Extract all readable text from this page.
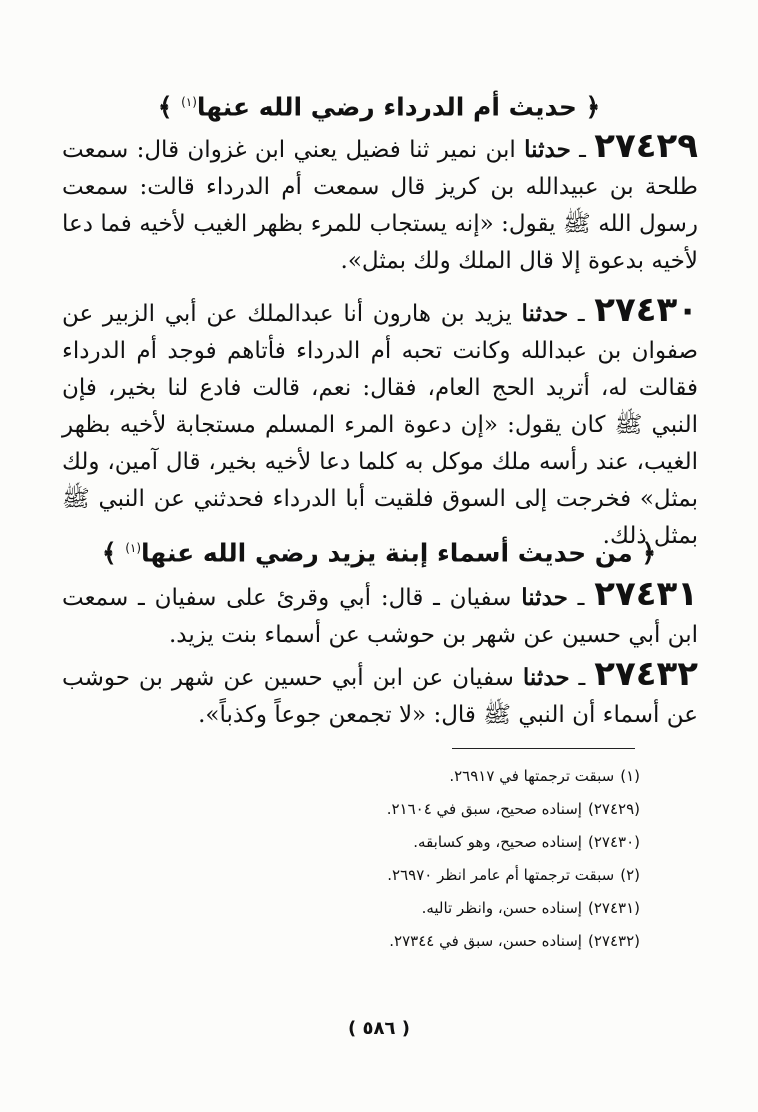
﴿ حديث أم الدرداء رضي الله عنها$^{(١)}$ ﴾

٢٧٤٢٩ ـ حدثنا ابن نمير ثنا فضيل يعني ابن غزوان قال: سمعت طلحة بن عبيدالله بن كريز قال سمعت أم الدرداء قالت: سمعت رسول الله ﷺ يقول: «إنه يستجاب للمرء بظهر الغيب لأخيه فما دعا لأخيه بدعوة إلا قال الملك ولك بمثل».

٢٧٤٣٠ ـ حدثنا يزيد بن هارون أنا عبدالملك عن أبي الزبير عن صفوان بن عبدالله وكانت تحبه أم الدرداء فأتاهم فوجد أم الدرداء فقالت له، أتريد الحج العام، فقال: نعم، قالت فادع لنا بخير، فإن النبي ﷺ كان يقول: «إن دعوة المرء المسلم مستجابة لأخيه بظهر الغيب، عند رأسه ملك موكل به كلما دعا لأخيه بخير، قال آمين، ولك بمثل» فخرجت إلى السوق فلقيت أبا الدرداء فحدثني عن النبي ﷺ بمثل ذلك.

﴿ من حديث أسماء إبنة يزيد رضي الله عنها$^{(١)}$ ﴾

٢٧٤٣١ ـ حدثنا سفيان ـ قال: أبي وقرئ على سفيان ـ سمعت ابن أبي حسين عن شهر بن حوشب عن أسماء بنت يزيد.

٢٧٤٣٢ ـ حدثنا سفيان عن ابن أبي حسين عن شهر بن حوشب عن أسماء أن النبي ﷺ قال: «لا تجمعن جوعاً وكذباً».

(١)سبقت ترجمتها في ٢٦٩١٧.
(٢٧٤٢٩)إسناده صحيح، سبق في ٢١٦٠٤.
(٢٧٤٣٠)إسناده صحيح، وهو كسابقه.
(٢)سبقت ترجمتها أم عامر انظر ٢٦٩٧٠.
(٢٧٤٣١)إسناده حسن، وانظر تاليه.
(٢٧٤٣٢)إسناده حسن، سبق في ٢٧٣٤٤.
( ٥٨٦ )
